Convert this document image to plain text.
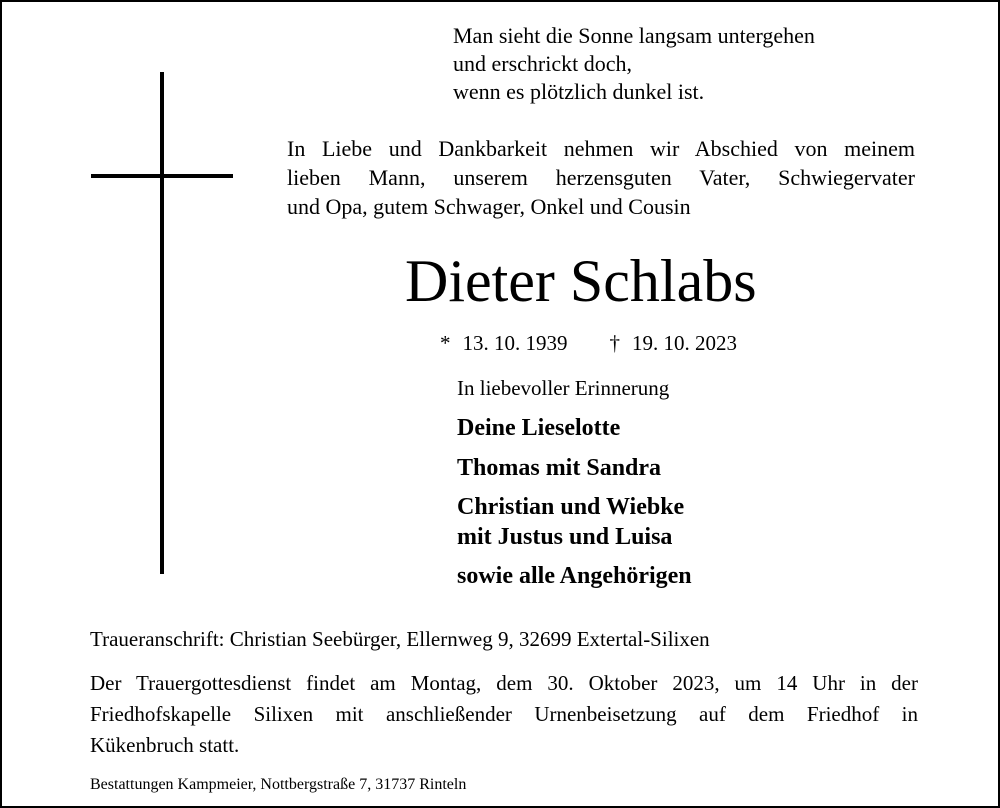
Man sieht die Sonne langsam untergehen
und erschrickt doch,
wenn es plötzlich dunkel ist.
In Liebe und Dankbarkeit nehmen wir Abschied von meinem
lieben Mann, unserem herzensguten Vater, Schwiegervater
und Opa, gutem Schwager, Onkel und Cousin
Dieter Schlabs
* 13. 10. 1939 † 19. 10. 2023
In liebevoller Erinnerung
Deine Lieselotte
Thomas mit Sandra
Christian und Wiebke
mit Justus und Luisa
sowie alle Angehörigen
Traueranschrift: Christian Seebürger, Ellernweg 9, 32699 Extertal-Silixen
Der Trauergottesdienst findet am Montag, dem 30. Oktober 2023, um 14 Uhr in der
Friedhofskapelle Silixen mit anschließender Urnenbeisetzung auf dem Friedhof in
Kükenbruch statt.
Bestattungen Kampmeier, Nottbergstraße 7, 31737 Rinteln
